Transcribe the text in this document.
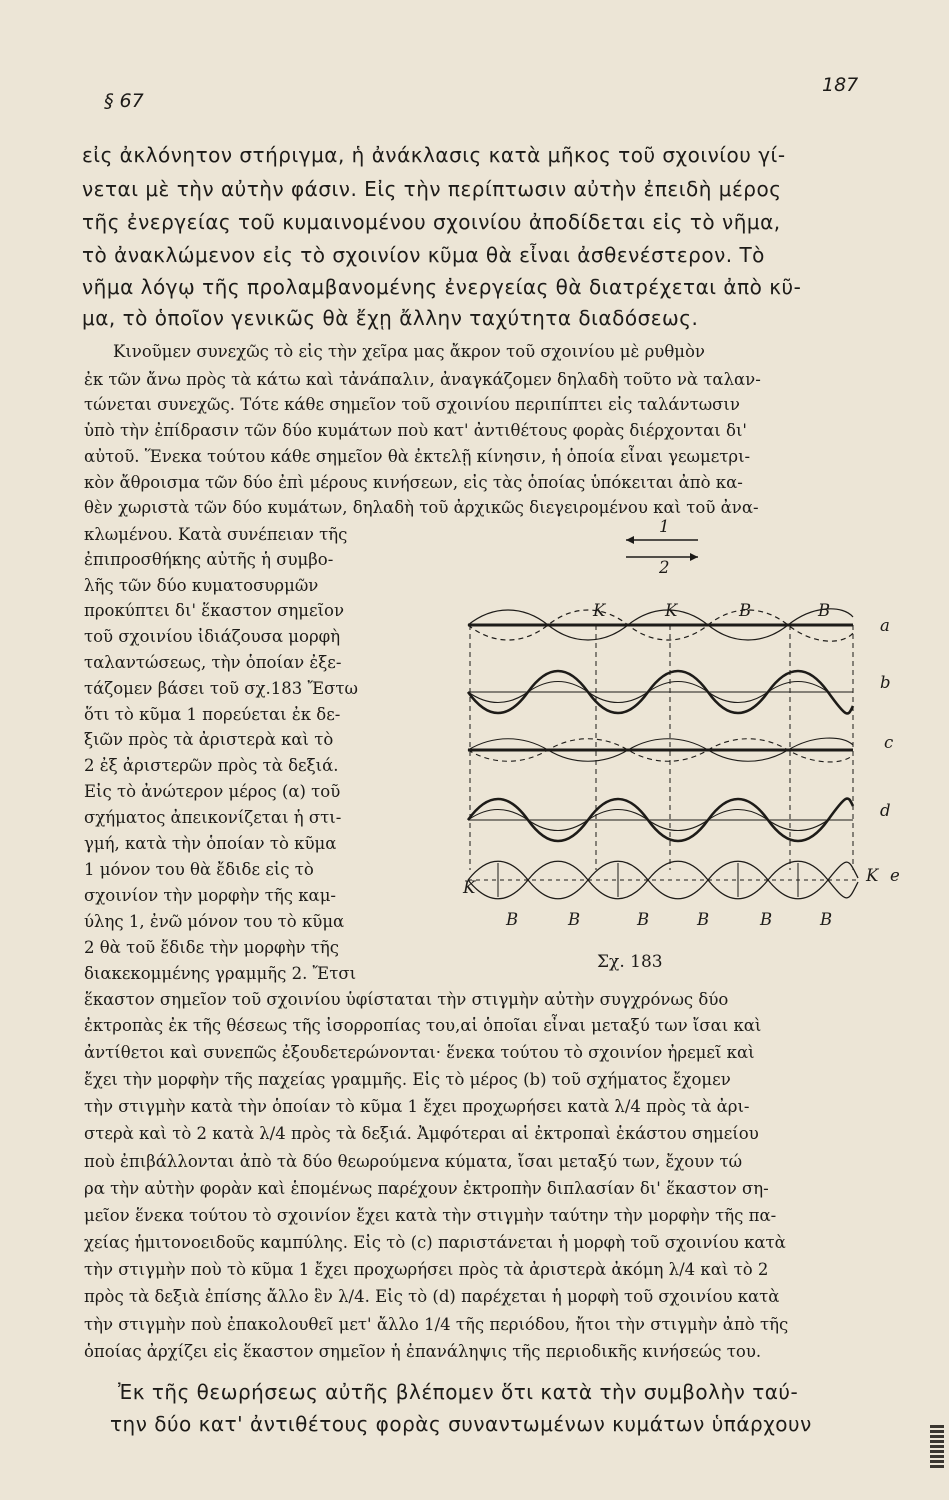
§ 67
187
εἰς ἀκλόνητον στήριγμα, ἡ ἀνάκλασις κατὰ μῆκος τοῦ σχοινίου γί-
νεται μὲ τὴν αὐτὴν φάσιν. Εἰς τὴν περίπτωσιν αὐτὴν ἐπειδὴ μέρος
τῆς ἐνεργείας τοῦ κυμαινομένου σχοινίου ἀποδίδεται εἰς τὸ νῆμα,
τὸ ἀνακλώμενον εἰς τὸ σχοινίον κῦμα θὰ εἶναι ἀσθενέστερον. Τὸ
νῆμα λόγῳ τῆς προλαμβανομένης ἐνεργείας θὰ διατρέχεται ἀπὸ κῦ-
μα, τὸ ὁποῖον γενικῶς θὰ ἔχῃ ἄλλην ταχύτητα διαδόσεως.
Κινοῦμεν συνεχῶς τὸ εἰς τὴν χεῖρα μας ἄκρον τοῦ σχοινίου μὲ ρυθμὸν
ἐκ τῶν ἄνω πρὸς τὰ κάτω καὶ τἀνάπαλιν, ἀναγκάζομεν δηλαδὴ τοῦτο νὰ ταλαν-
τώνεται συνεχῶς. Τότε κάθε σημεῖον τοῦ σχοινίου περιπίπτει εἰς ταλάντωσιν
ὑπὸ τὴν ἐπίδρασιν τῶν δύο κυμάτων ποὺ κατ' ἀντιθέτους φορὰς διέρχονται δι'
αὐτοῦ. Ἕνεκα τούτου κάθε σημεῖον θὰ ἐκτελῇ κίνησιν, ἡ ὁποία εἶναι γεωμετρι-
κὸν ἄθροισμα τῶν δύο ἐπὶ μέρους κινήσεων, εἰς τὰς ὁποίας ὑπόκειται ἀπὸ κα-
θὲν χωριστὰ τῶν δύο κυμάτων, δηλαδὴ τοῦ ἀρχικῶς διεγειρομένου καὶ τοῦ ἀνα-
κλωμένου. Κατὰ συνέπειαν τῆς
ἐπιπροσθήκης αὐτῆς ἡ συμβο-
λῆς τῶν δύο κυματοσυρμῶν
προκύπτει δι' ἕκαστον σημεῖον
τοῦ σχοινίου ἰδιάζουσα μορφὴ
ταλαντώσεως, τὴν ὁποίαν ἐξε-
τάζομεν βάσει τοῦ σχ.183 Ἔστω
ὅτι τὸ κῦμα 1 πορεύεται ἐκ δε-
ξιῶν πρὸς τὰ ἀριστερὰ καὶ τὸ
2 ἐξ ἀριστερῶν πρὸς τὰ δεξιά.
Εἰς τὸ ἀνώτερον μέρος (α) τοῦ
σχήματος ἀπεικονίζεται ἡ στι-
γμή, κατὰ τὴν ὁποίαν τὸ κῦμα
1 μόνον του θὰ ἔδιδε εἰς τὸ
σχοινίον τὴν μορφὴν τῆς καμ-
ύλης 1, ἐνῶ μόνον του τὸ κῦμα
2 θὰ τοῦ ἔδιδε τὴν μορφὴν τῆς
διακεκομμένης γραμμῆς 2. Ἔτσι
1
2
K	K	B	B
a
b
c
d
e
K
K
B	B	B	B	B	B
Σχ. 183
ἕκαστον σημεῖον τοῦ σχοινίου ὑφίσταται τὴν στιγμὴν αὐτὴν συγχρόνως δύο
ἐκτροπὰς ἐκ τῆς θέσεως τῆς ἰσορροπίας του,αἱ ὁποῖαι εἶναι μεταξύ των ἴσαι καὶ
ἀντίθετοι καὶ συνεπῶς ἐξουδετερώνονται· ἕνεκα τούτου τὸ σχοινίον ἠρεμεῖ καὶ
ἔχει τὴν μορφὴν τῆς παχείας γραμμῆς. Εἰς τὸ μέρος (b) τοῦ σχήματος ἔχομεν
τὴν στιγμὴν κατὰ τὴν ὁποίαν τὸ κῦμα 1 ἔχει προχωρήσει κατὰ λ/4 πρὸς τὰ ἀρι-
στερὰ καὶ τὸ 2 κατὰ λ/4 πρὸς τὰ δεξιά. Ἀμφότεραι αἱ ἐκτροπαὶ ἑκάστου σημείου
ποὺ ἐπιβάλλονται ἀπὸ τὰ δύο θεωρούμενα κύματα, ἴσαι μεταξύ των, ἔχουν τώ
ρα τὴν αὐτὴν φορὰν καὶ ἑπομένως παρέχουν ἐκτροπὴν διπλασίαν δι' ἕκαστον ση-
μεῖον ἕνεκα τούτου τὸ σχοινίον ἔχει κατὰ τὴν στιγμὴν ταύτην τὴν μορφὴν τῆς πα-
χείας ἡμιτονοειδοῦς καμπύλης. Εἰς τὸ (c) παριστάνεται ἡ μορφὴ τοῦ σχοινίου κατὰ
τὴν στιγμὴν ποὺ τὸ κῦμα 1 ἔχει προχωρήσει πρὸς τὰ ἀριστερὰ ἀκόμη λ/4 καὶ τὸ 2
πρὸς τὰ δεξιὰ ἐπίσης ἄλλο ἓν λ/4. Εἰς τὸ (d) παρέχεται ἡ μορφὴ τοῦ σχοινίου κατὰ
τὴν στιγμὴν ποὺ ἐπακολουθεῖ μετ' ἄλλο 1/4 τῆς περιόδου, ἤτοι τὴν στιγμὴν ἀπὸ τῆς
ὁποίας ἀρχίζει εἰς ἕκαστον σημεῖον ἡ ἐπανάληψις τῆς περιοδικῆς κινήσεώς του.
Ἐκ τῆς θεωρήσεως αὐτῆς βλέπομεν ὅτι κατὰ τὴν συμβολὴν ταύ-
την δύο κατ' ἀντιθέτους φορὰς συναντωμένων κυμάτων ὑπάρχουν
